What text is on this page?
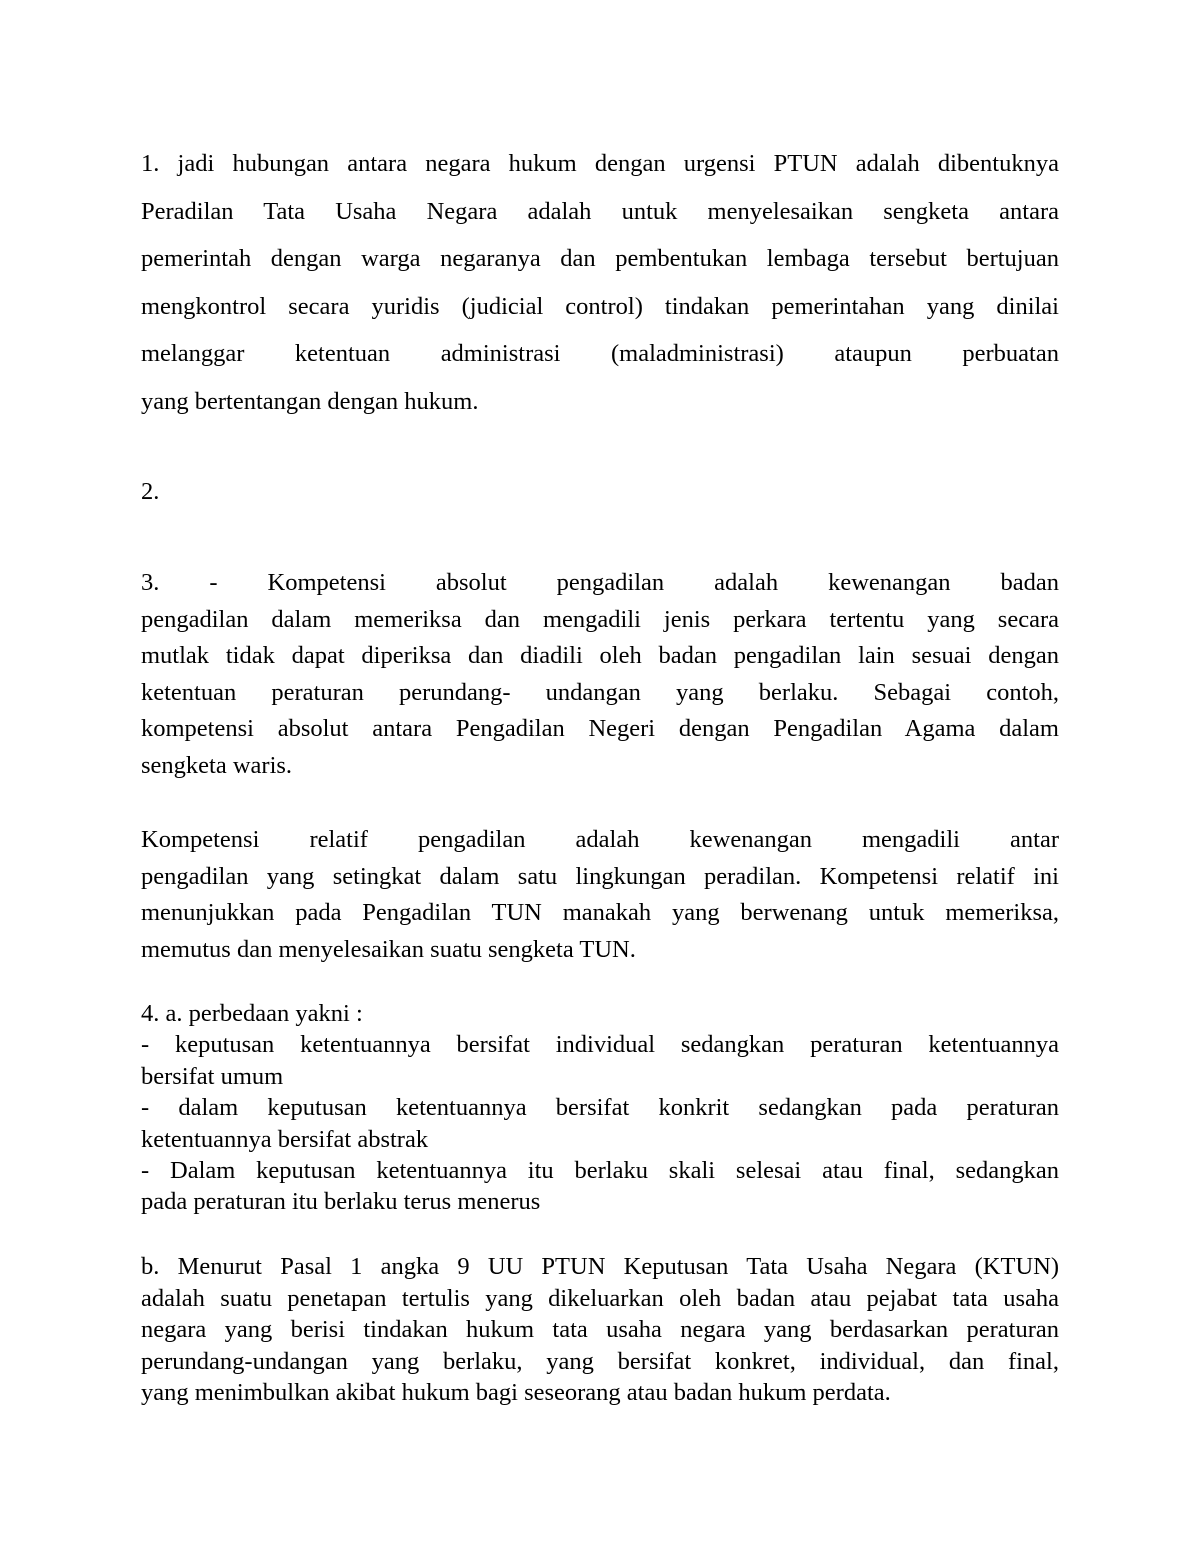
1. jadi hubungan antara negara hukum dengan urgensi PTUN adalah dibentuknya
Peradilan Tata Usaha Negara adalah untuk menyelesaikan sengketa antara
pemerintah dengan warga negaranya dan pembentukan lembaga tersebut bertujuan
mengkontrol secara yuridis (judicial control) tindakan pemerintahan yang dinilai
melanggar ketentuan administrasi (maladministrasi) ataupun perbuatan
yang bertentangan dengan hukum.
2.
3. - Kompetensi absolut pengadilan adalah kewenangan badan
pengadilan dalam memeriksa dan mengadili jenis perkara tertentu yang secara
mutlak tidak dapat diperiksa dan diadili oleh badan pengadilan lain sesuai dengan
ketentuan peraturan perundang- undangan yang berlaku. Sebagai contoh,
kompetensi absolut antara Pengadilan Negeri dengan Pengadilan Agama dalam
sengketa waris.
Kompetensi relatif pengadilan adalah kewenangan mengadili antar
pengadilan yang setingkat dalam satu lingkungan peradilan. Kompetensi relatif ini
menunjukkan pada Pengadilan TUN manakah yang berwenang untuk memeriksa,
memutus dan menyelesaikan suatu sengketa TUN.
4. a. perbedaan yakni :
- keputusan ketentuannya bersifat individual sedangkan peraturan ketentuannya
bersifat umum
- dalam keputusan ketentuannya bersifat konkrit sedangkan pada peraturan
ketentuannya bersifat abstrak
- Dalam keputusan ketentuannya itu berlaku skali selesai atau final, sedangkan
pada peraturan itu berlaku terus menerus
b. Menurut Pasal 1 angka 9 UU PTUN Keputusan Tata Usaha Negara (KTUN)
adalah suatu penetapan tertulis yang dikeluarkan oleh badan atau pejabat tata usaha
negara yang berisi tindakan hukum tata usaha negara yang berdasarkan peraturan
perundang-undangan yang berlaku, yang bersifat konkret, individual, dan final,
yang menimbulkan akibat hukum bagi seseorang atau badan hukum perdata.
